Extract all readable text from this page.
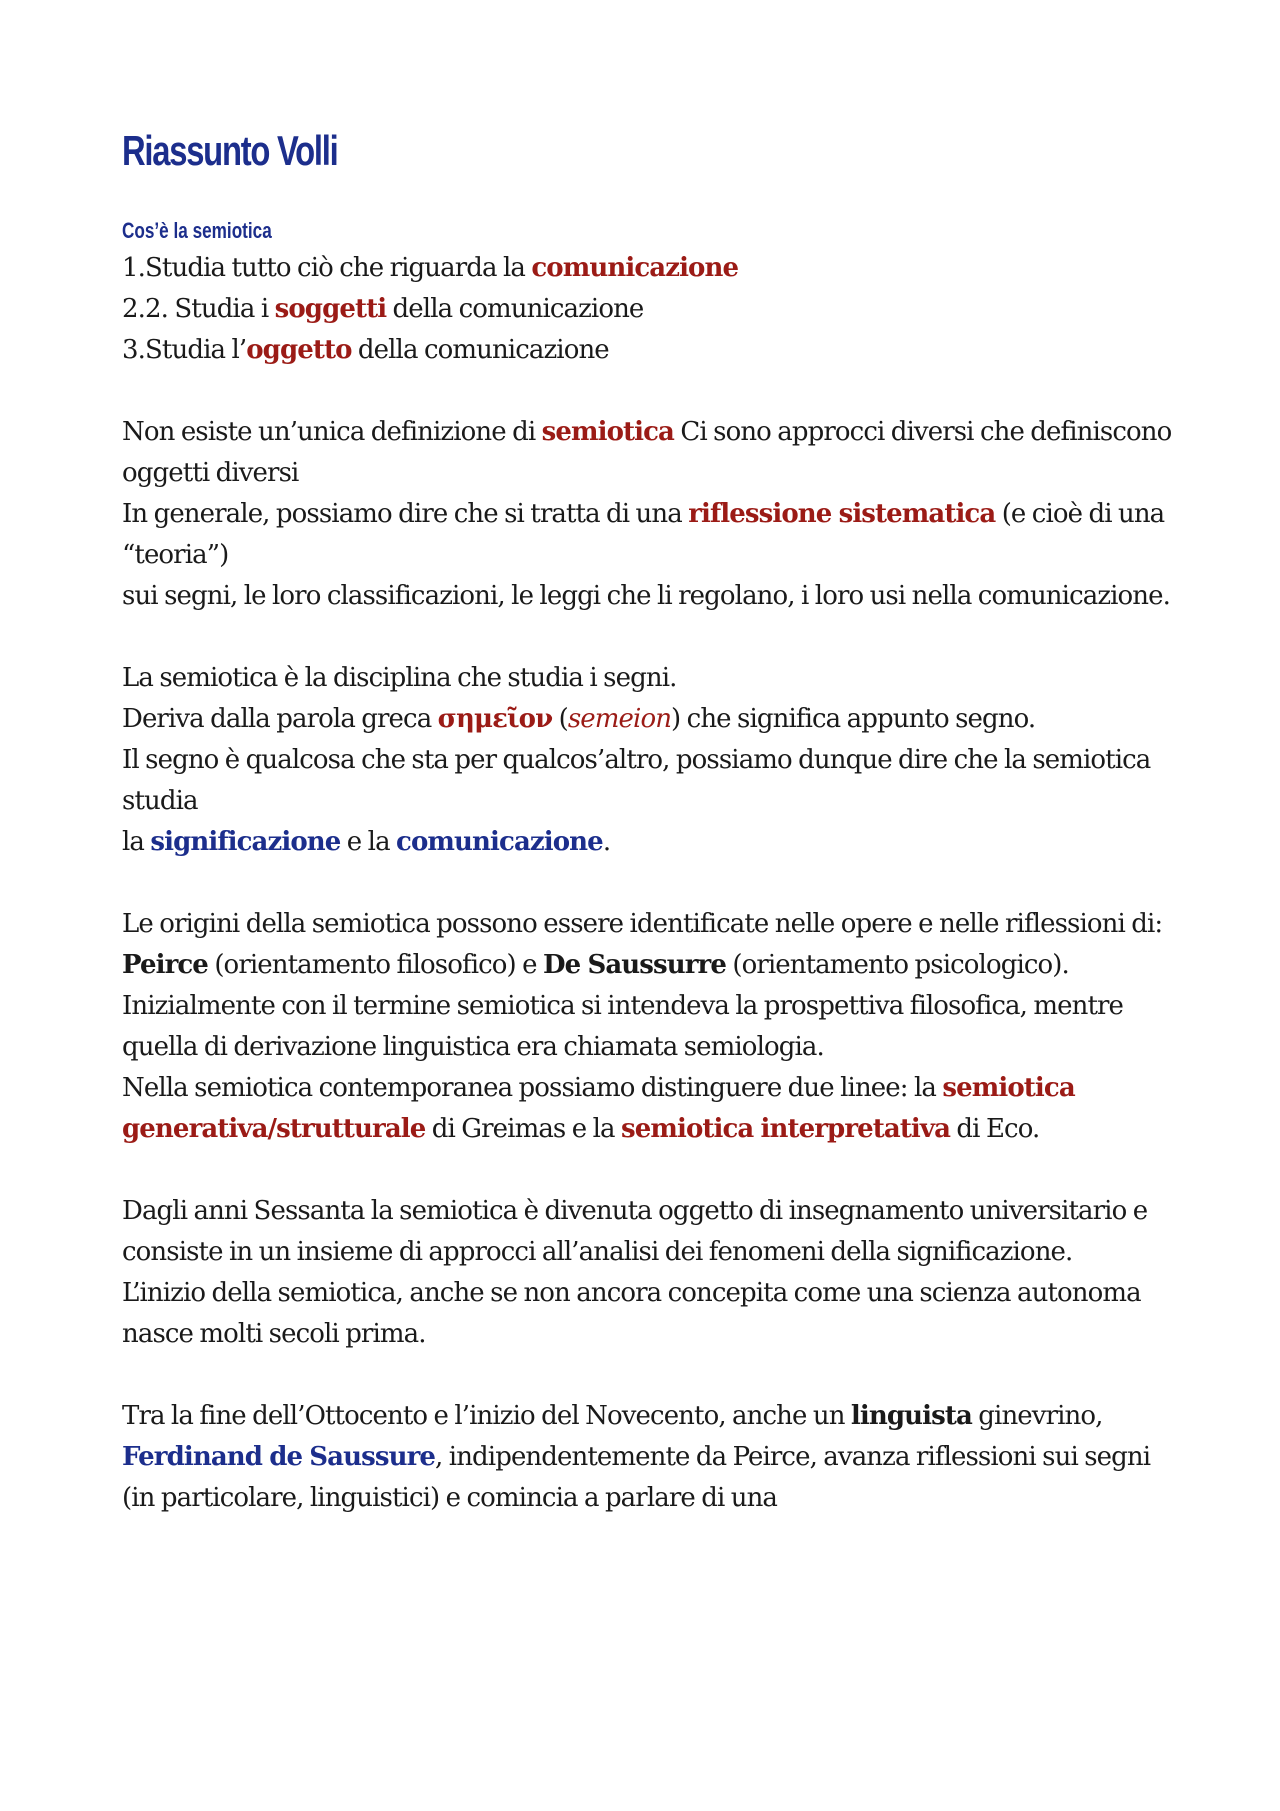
Riassunto Volli
Cos’è la semiotica
1.Studia tutto ciò che riguarda la comunicazione
2.2. Studia i soggetti della comunicazione
3.Studia l’oggetto della comunicazione

Non esiste un’unica definizione di semiotica Ci sono approcci diversi che definiscono oggetti diversi

In generale, possiamo dire che si tratta di una riflessione sistematica (e cioè di una “teoria”)

sui segni, le loro classificazioni, le leggi che li regolano, i loro usi nella comunicazione.

La semiotica è la disciplina che studia i segni.

Deriva dalla parola greca σημεῖον (semeion) che significa appunto segno.

Il segno è qualcosa che sta per qualcos’altro, possiamo dunque dire che la semiotica studia

la significazione e la comunicazione.

Le origini della semiotica possono essere identificate nelle opere e nelle riflessioni di: Peirce (orientamento filosofico) e De Saussurre (orientamento psicologico).

Inizialmente con il termine semiotica si intendeva la prospettiva filosofica, mentre quella di derivazione linguistica era chiamata semiologia.

Nella semiotica contemporanea possiamo distinguere due linee: la semiotica generativa/strutturale di Greimas e la semiotica interpretativa di Eco.

Dagli anni Sessanta la semiotica è divenuta oggetto di insegnamento universitario e consiste in un insieme di approcci all’analisi dei fenomeni della significazione.

L’inizio della semiotica, anche se non ancora concepita come una scienza autonoma nasce molti secoli prima.

Tra la fine dell’Ottocento e l’inizio del Novecento, anche un linguista ginevrino, Ferdinand de Saussure, indipendentemente da Peirce, avanza riflessioni sui segni (in particolare, linguistici) e comincia a parlare di una
